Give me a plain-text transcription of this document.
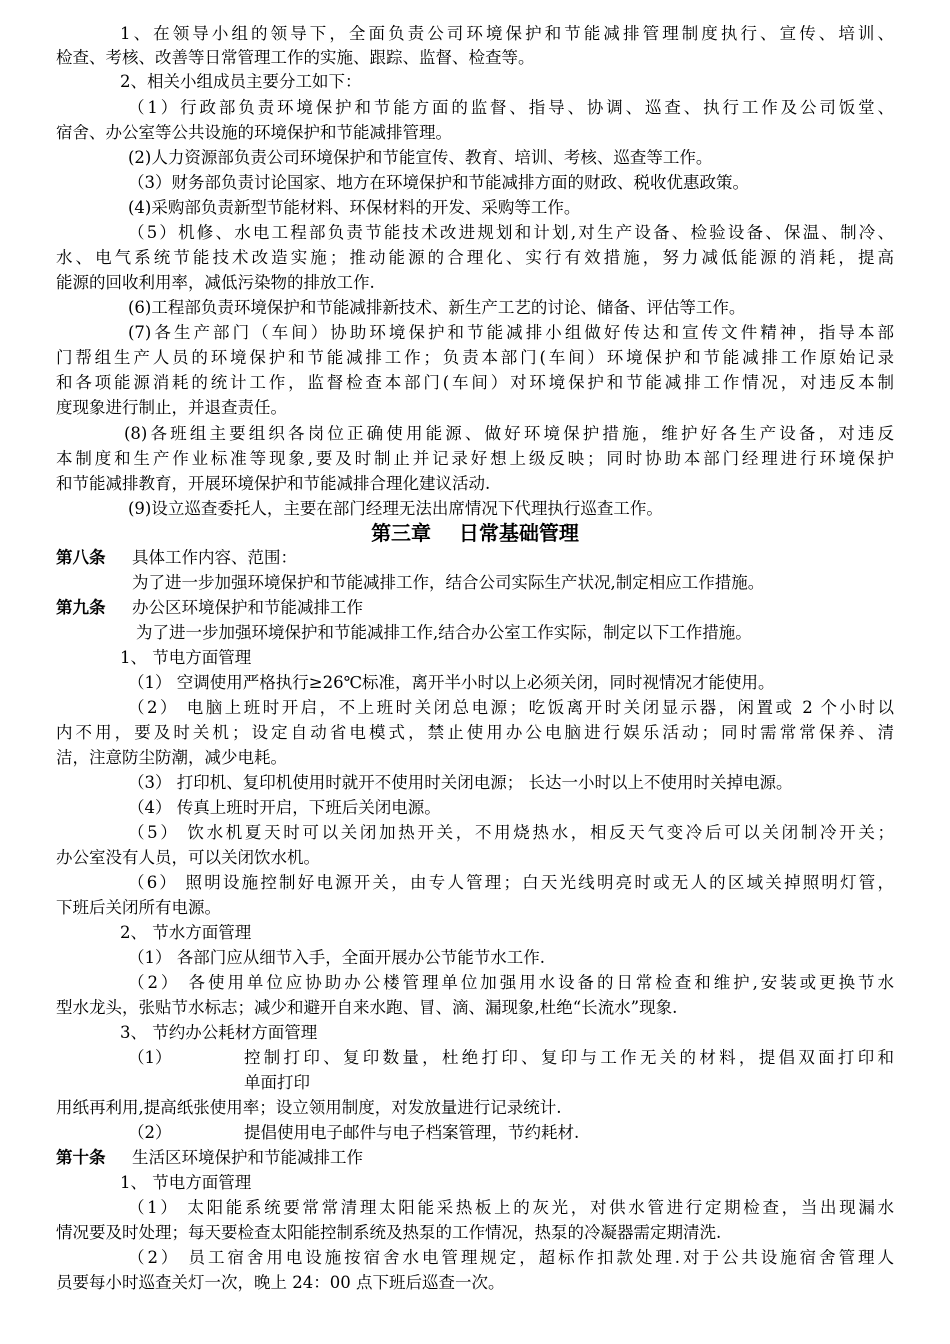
1、在领导小组的领导下，全面负责公司环境保护和节能减排管理制度执行、宣传、培训、
检查、考核、改善等日常管理工作的实施、跟踪、监督、检查等。
2、相关小组成员主要分工如下：
（1）行政部负责环境保护和节能方面的监督、指导、协调、巡查、执行工作及公司饭堂、
宿舍、办公室等公共设施的环境保护和节能减排管理。
(2)人力资源部负责公司环境保护和节能宣传、教育、培训、考核、巡查等工作。
（3）财务部负责讨论国家、地方在环境保护和节能减排方面的财政、税收优惠政策。
(4)采购部负责新型节能材料、环保材料的开发、采购等工作。
（5）机修、水电工程部负责节能技术改进规划和计划,对生产设备、检验设备、保温、制冷、
水、电气系统节能技术改造实施；推动能源的合理化、实行有效措施，努力减低能源的消耗，提高
能源的回收利用率，减低污染物的排放工作.
(6)工程部负责环境保护和节能减排新技术、新生产工艺的讨论、储备、评估等工作。
(7)各生产部门（车间）协助环境保护和节能减排小组做好传达和宣传文件精神，指导本部
门帮组生产人员的环境保护和节能减排工作；负责本部门(车间）环境保护和节能减排工作原始记录
和各项能源消耗的统计工作，监督检查本部门(车间）对环境保护和节能减排工作情况，对违反本制
度现象进行制止，并退查责任。
(8)各班组主要组织各岗位正确使用能源、做好环境保护措施，维护好各生产设备，对违反
本制度和生产作业标准等现象,要及时制止并记录好想上级反映；同时协助本部门经理进行环境保护
和节能减排教育，开展环境保护和节能减排合理化建议活动.
(9)设立巡查委托人，主要在部门经理无法出席情况下代理执行巡查工作。
第三章    日常基础管理
第八条 具体工作内容、范围：
为了进一步加强环境保护和节能减排工作，结合公司实际生产状况,制定相应工作措施。
第九条 办公区环境保护和节能减排工作
为了进一步加强环境保护和节能减排工作,结合办公室工作实际，制定以下工作措施。
1、 节电方面管理
（1） 空调使用严格执行≥26℃标准，离开半小时以上必须关闭，同时视情况才能使用。
（2） 电脑上班时开启，不上班时关闭总电源；吃饭离开时关闭显示器，闲置或 2 个小时以
内不用，要及时关机；设定自动省电模式，禁止使用办公电脑进行娱乐活动；同时需常常保养、清
洁，注意防尘防潮，减少电耗。
（3） 打印机、复印机使用时就开不使用时关闭电源； 长达一小时以上不使用时关掉电源。
（4） 传真上班时开启，下班后关闭电源。
（5） 饮水机夏天时可以关闭加热开关，不用烧热水，相反天气变冷后可以关闭制冷开关；
办公室没有人员，可以关闭饮水机。
（6） 照明设施控制好电源开关，由专人管理；白天光线明亮时或无人的区域关掉照明灯管，
下班后关闭所有电源。
2、 节水方面管理
（1） 各部门应从细节入手，全面开展办公节能节水工作.
（2） 各使用单位应协助办公楼管理单位加强用水设备的日常检查和维护,安装或更换节水
型水龙头，张贴节水标志；减少和避开自来水跑、冒、滴、漏现象,杜绝“长流水”现象.
3、 节约办公耗材方面管理
（1）	控制打印、复印数量，杜绝打印、复印与工作无关的材料，提倡双面打印和
单面打印
用纸再利用,提高纸张使用率；设立领用制度，对发放量进行记录统计.
（2）	提倡使用电子邮件与电子档案管理，节约耗材.
第十条 生活区环境保护和节能减排工作
1、 节电方面管理
（1） 太阳能系统要常常清理太阳能采热板上的灰光，对供水管进行定期检查，当出现漏水
情况要及时处理；每天要检查太阳能控制系统及热泵的工作情况，热泵的冷凝器需定期清洗.
（2） 员工宿舍用电设施按宿舍水电管理规定，超标作扣款处理.对于公共设施宿舍管理人
员要每小时巡查关灯一次，晚上 24：00 点下班后巡查一次。
